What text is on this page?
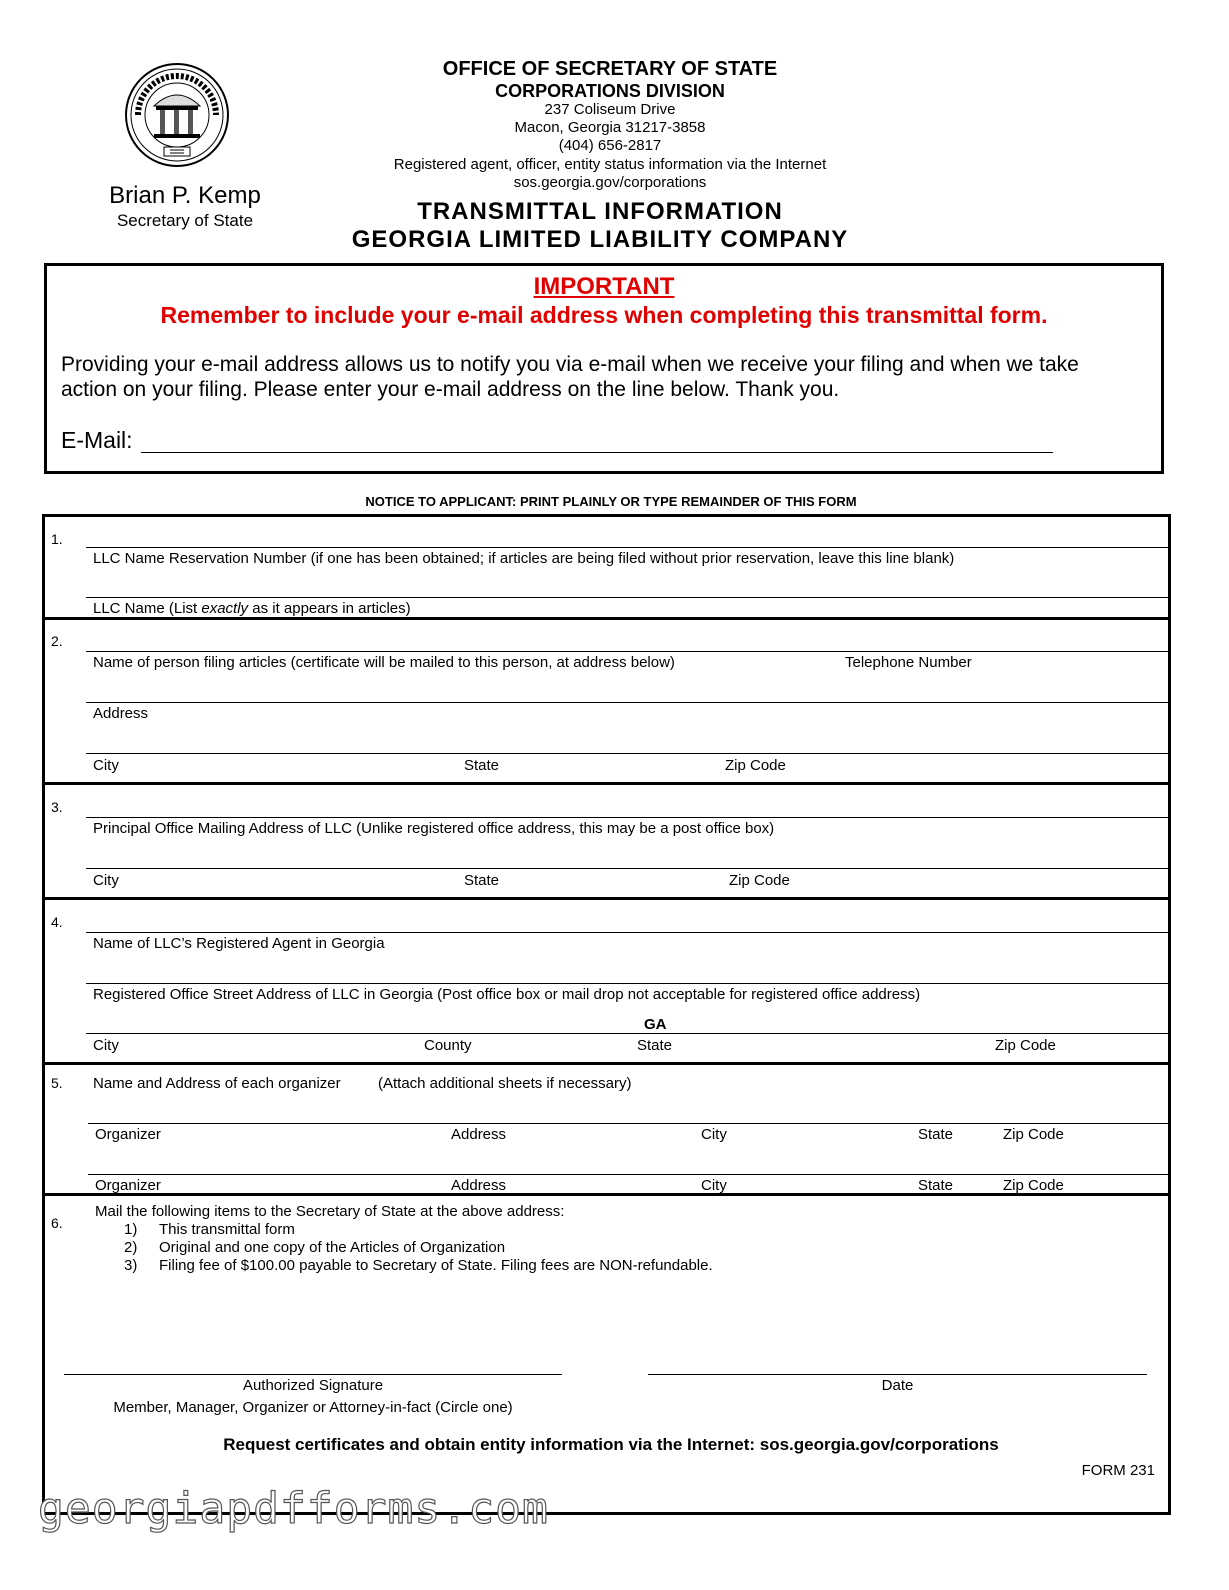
Brian P. Kemp
Secretary of State
OFFICE OF SECRETARY OF STATE
CORPORATIONS DIVISION
237 Coliseum Drive
Macon, Georgia 31217-3858
(404) 656-2817
Registered agent, officer, entity status information via the Internet
sos.georgia.gov/corporations
TRANSMITTAL INFORMATION
GEORGIA LIMITED LIABILITY COMPANY
IMPORTANT
Remember to include your e-mail address when completing this transmittal form.
Providing your e-mail address allows us to notify you via e-mail when we receive your filing and when we take
action on your filing. Please enter your e-mail address on the line below. Thank you.
E-Mail:
NOTICE TO APPLICANT: PRINT PLAINLY OR TYPE REMAINDER OF THIS FORM
1.
LLC Name Reservation Number (if one has been obtained; if articles are being filed without prior reservation, leave this line blank)
LLC Name (List exactly as it appears in articles)
2.
Name of person filing articles (certificate will be mailed to this person, at address below)	Telephone Number
Address
City	State	Zip Code
3.
Principal Office Mailing Address of LLC (Unlike registered office address, this may be a post office box)
City	State	Zip Code
4.
Name of LLC’s Registered Agent in Georgia
Registered Office Street Address of LLC in Georgia (Post office box or mail drop not acceptable for registered office address)
GA
City	County	State	Zip Code
5. Name and Address of each organizer (Attach additional sheets if necessary)
Organizer	Address	City	State	Zip Code
Organizer	Address	City	State	Zip Code
6.
Mail the following items to the Secretary of State at the above address:
1) This transmittal form
2) Original and one copy of the Articles of Organization
3) Filing fee of $100.00 payable to Secretary of State. Filing fees are NON-refundable.
Authorized Signature	Date
Member, Manager, Organizer or Attorney-in-fact (Circle one)
Request certificates and obtain entity information via the Internet: sos.georgia.gov/corporations
FORM 231
georgiapdfforms.com
